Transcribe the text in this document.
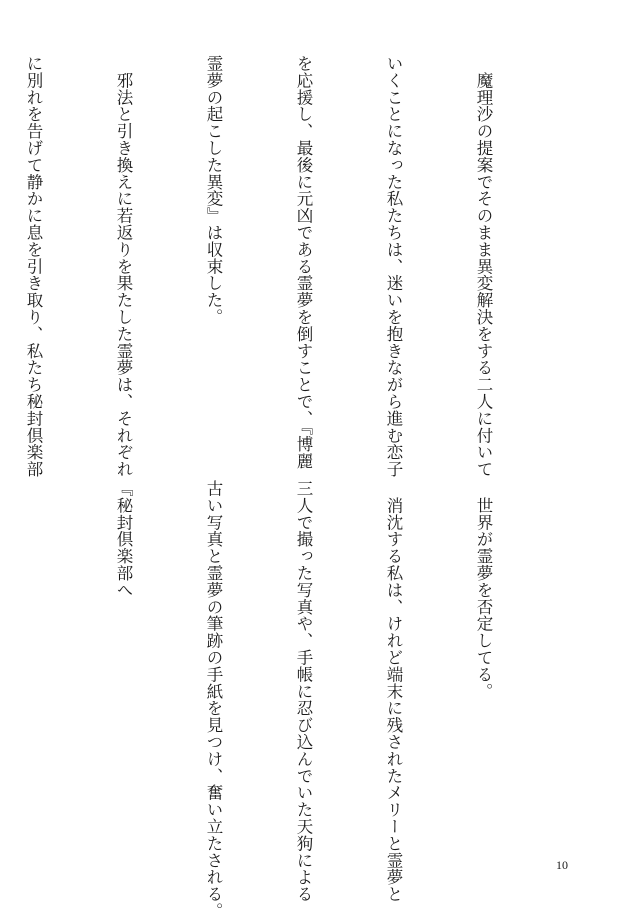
　魔理沙の提案でそのまま異変解決をする二人に付いて

いくことになった私たちは、迷いを抱きながら進む恋子

を応援し、最後に元凶である霊夢を倒すことで、『博麗

霊夢の起こした異変』は収束した。

　邪法と引き換えに若返りを果たした霊夢は、それぞれ

に別れを告げて静かに息を引き取り、私たち秘封倶楽部

　世界が霊夢を否定してる。

　消沈する私は、けれど端末に残されたメリーと霊夢と

三人で撮った写真や、手帳に忍び込んでいた天狗による

古い写真と霊夢の筆跡の手紙を見つけ、奮い立たされる。

『秘封倶楽部へ

10
